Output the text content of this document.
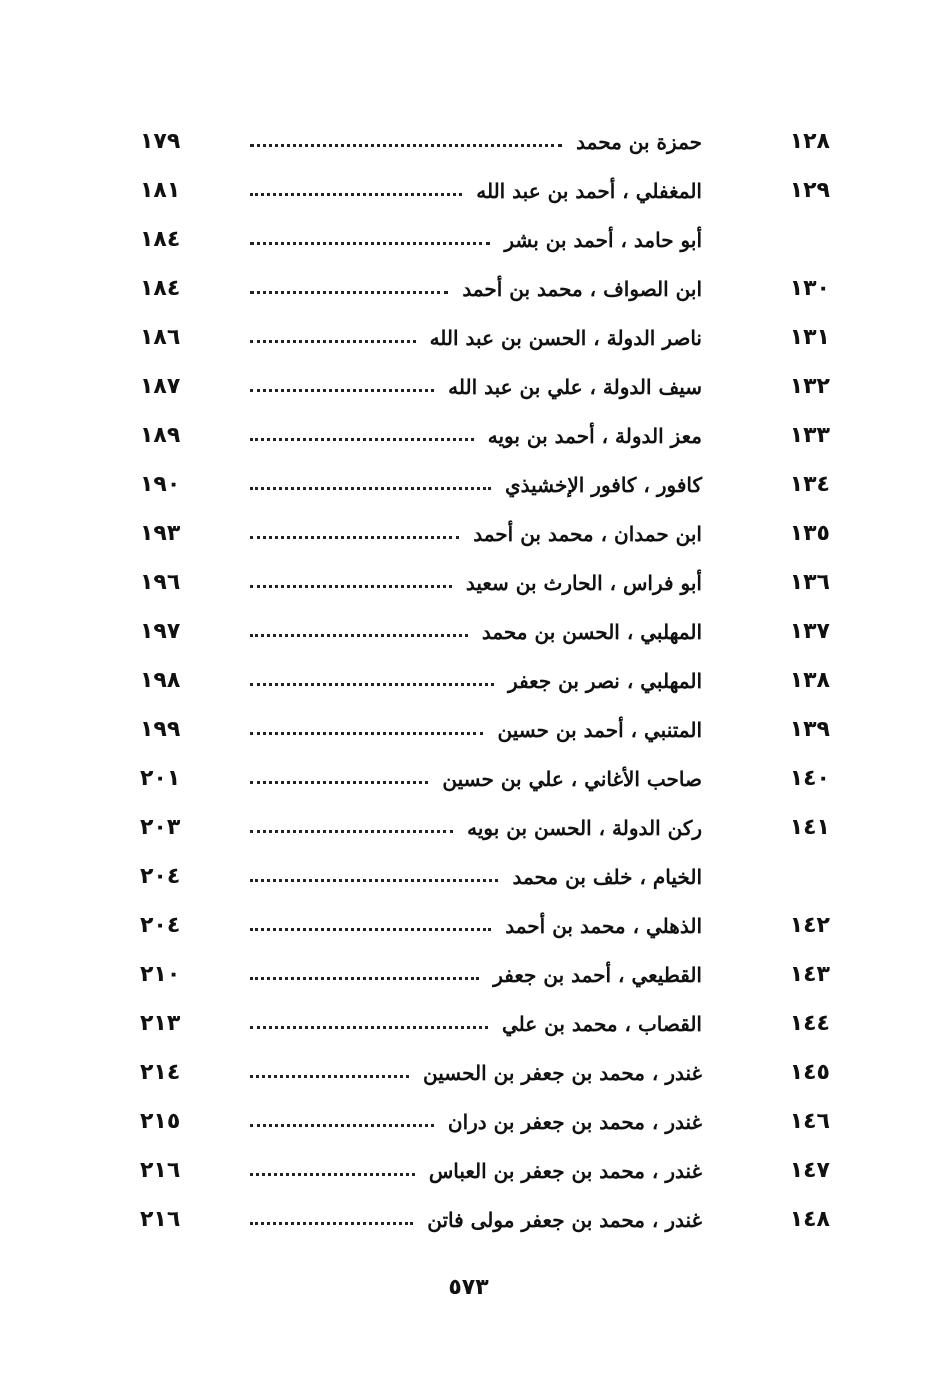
١٢٨
حمزة بن محمد
١٧٩
١٢٩
المغفلي ، أحمد بن عبد الله
١٨١
أبو حامد ، أحمد بن بشر
١٨٤
١٣٠
ابن الصواف ، محمد بن أحمد
١٨٤
١٣١
ناصر الدولة ، الحسن بن عبد الله
١٨٦
١٣٢
سيف الدولة ، علي بن عبد الله
١٨٧
١٣٣
معز الدولة ، أحمد بن بويه
١٨٩
١٣٤
كافور ، كافور الإخشيذي
١٩٠
١٣٥
ابن حمدان ، محمد بن أحمد
١٩٣
١٣٦
أبو فراس ، الحارث بن سعيد
١٩٦
١٣٧
المهلبي ، الحسن بن محمد
١٩٧
١٣٨
المهلبي ، نصر بن جعفر
١٩٨
١٣٩
المتنبي ، أحمد بن حسين
١٩٩
١٤٠
صاحب الأغاني ، علي بن حسين
٢٠١
١٤١
ركن الدولة ، الحسن بن بويه
٢٠٣
الخيام ، خلف بن محمد
٢٠٤
١٤٢
الذهلي ، محمد بن أحمد
٢٠٤
١٤٣
القطيعي ، أحمد بن جعفر
٢١٠
١٤٤
القصاب ، محمد بن علي
٢١٣
١٤٥
غندر ، محمد بن جعفر بن الحسين
٢١٤
١٤٦
غندر ، محمد بن جعفر بن دران
٢١٥
١٤٧
غندر ، محمد بن جعفر بن العباس
٢١٦
١٤٨
غندر ، محمد بن جعفر مولى فاتن
٢١٦
٥٧٣
